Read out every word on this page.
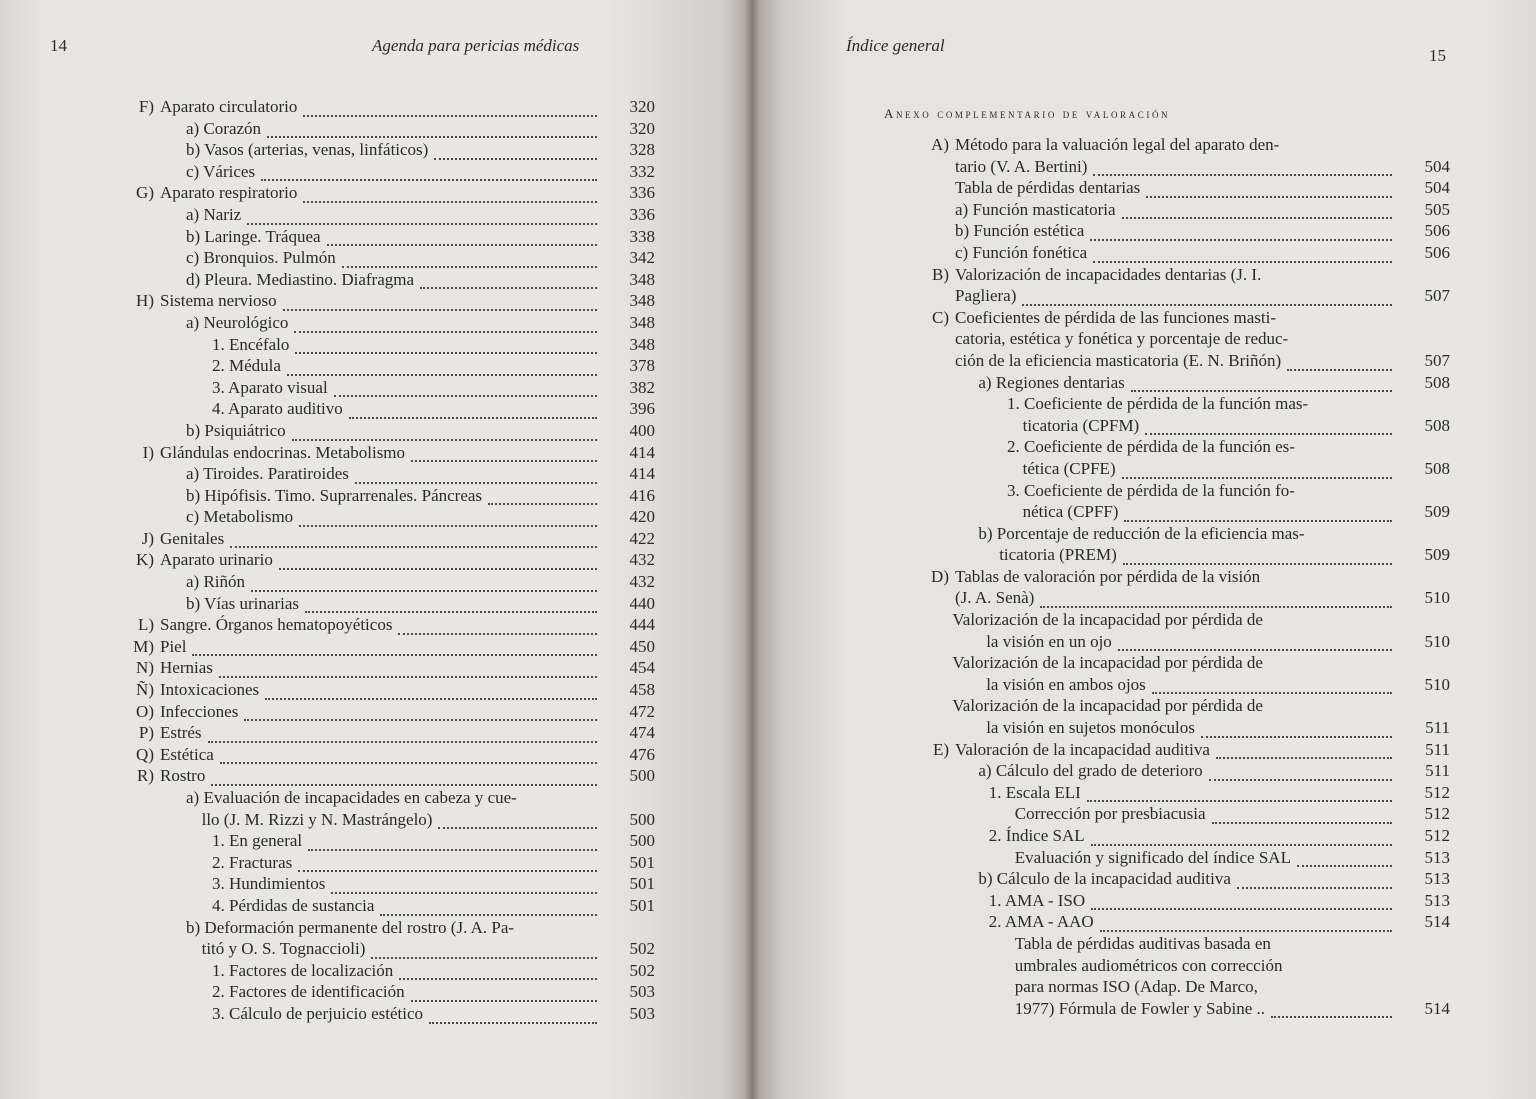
14	Agenda para pericias médicas
F) Aparato circulatorio	320
a) Corazón	320
b) Vasos (arterias, venas, linfáticos)	328
c) Várices	332
G) Aparato respiratorio	336
a) Nariz	336
b) Laringe. Tráquea	338
c) Bronquios. Pulmón	342
d) Pleura. Mediastino. Diafragma	348
H) Sistema nervioso	348
a) Neurológico	348
1. Encéfalo	348
2. Médula	378
3. Aparato visual	382
4. Aparato auditivo	396
b) Psiquiátrico	400
I) Glándulas endocrinas. Metabolismo	414
a) Tiroides. Paratiroides	414
b) Hipófisis. Timo. Suprarrenales. Páncreas	416
c) Metabolismo	420
J) Genitales	422
K) Aparato urinario	432
a) Riñón	432
b) Vías urinarias	440
L) Sangre. Órganos hematopoyéticos	444
M) Piel	450
N) Hernias	454
Ñ) Intoxicaciones	458
O) Infecciones	472
P) Estrés	474
Q) Estética	476
R) Rostro	500
a) Evaluación de incapacidades en cabeza y cue-
llo (J. M. Rizzi y N. Mastrángelo)	500
1. En general	500
2. Fracturas	501
3. Hundimientos	501
4. Pérdidas de sustancia	501
b) Deformación permanente del rostro (J. A. Pa-
titó y O. S. Tognaccioli)	502
1. Factores de localización	502
2. Factores de identificación	503
3. Cálculo de perjuicio estético	503
Índice general
15
Anexo complementario de valoración
A) Método para la valuación legal del aparato den-
tario (V. A. Bertini)	504
Tabla de pérdidas dentarias	504
a) Función masticatoria	505
b) Función estética	506
c) Función fonética	506
B) Valorización de incapacidades dentarias (J. I.
Pagliera)	507
C) Coeficientes de pérdida de las funciones masti-
catoria, estética y fonética y porcentaje de reduc-
ción de la eficiencia masticatoria (E. N. Briñón)	507
a) Regiones dentarias	508
1. Coeficiente de pérdida de la función mas-
ticatoria (CPFM)	508
2. Coeficiente de pérdida de la función es-
tética (CPFE)	508
3. Coeficiente de pérdida de la función fo-
nética (CPFF)	509
b) Porcentaje de reducción de la eficiencia mas-
ticatoria (PREM)	509
D) Tablas de valoración por pérdida de la visión
(J. A. Senà)	510
Valorización de la incapacidad por pérdida de
la visión en un ojo	510
Valorización de la incapacidad por pérdida de
la visión en ambos ojos	510
Valorización de la incapacidad por pérdida de
la visión en sujetos monóculos	511
E) Valoración de la incapacidad auditiva	511
a) Cálculo del grado de deterioro	511
1. Escala ELI	512
Corrección por presbiacusia	512
2. Índice SAL	512
Evaluación y significado del índice SAL	513
b) Cálculo de la incapacidad auditiva	513
1. AMA - ISO	513
2. AMA - AAO	514
Tabla de pérdidas auditivas basada en
umbrales audiométricos con corrección
para normas ISO (Adap. De Marco,
1977) Fórmula de Fowler y Sabine ..	514
